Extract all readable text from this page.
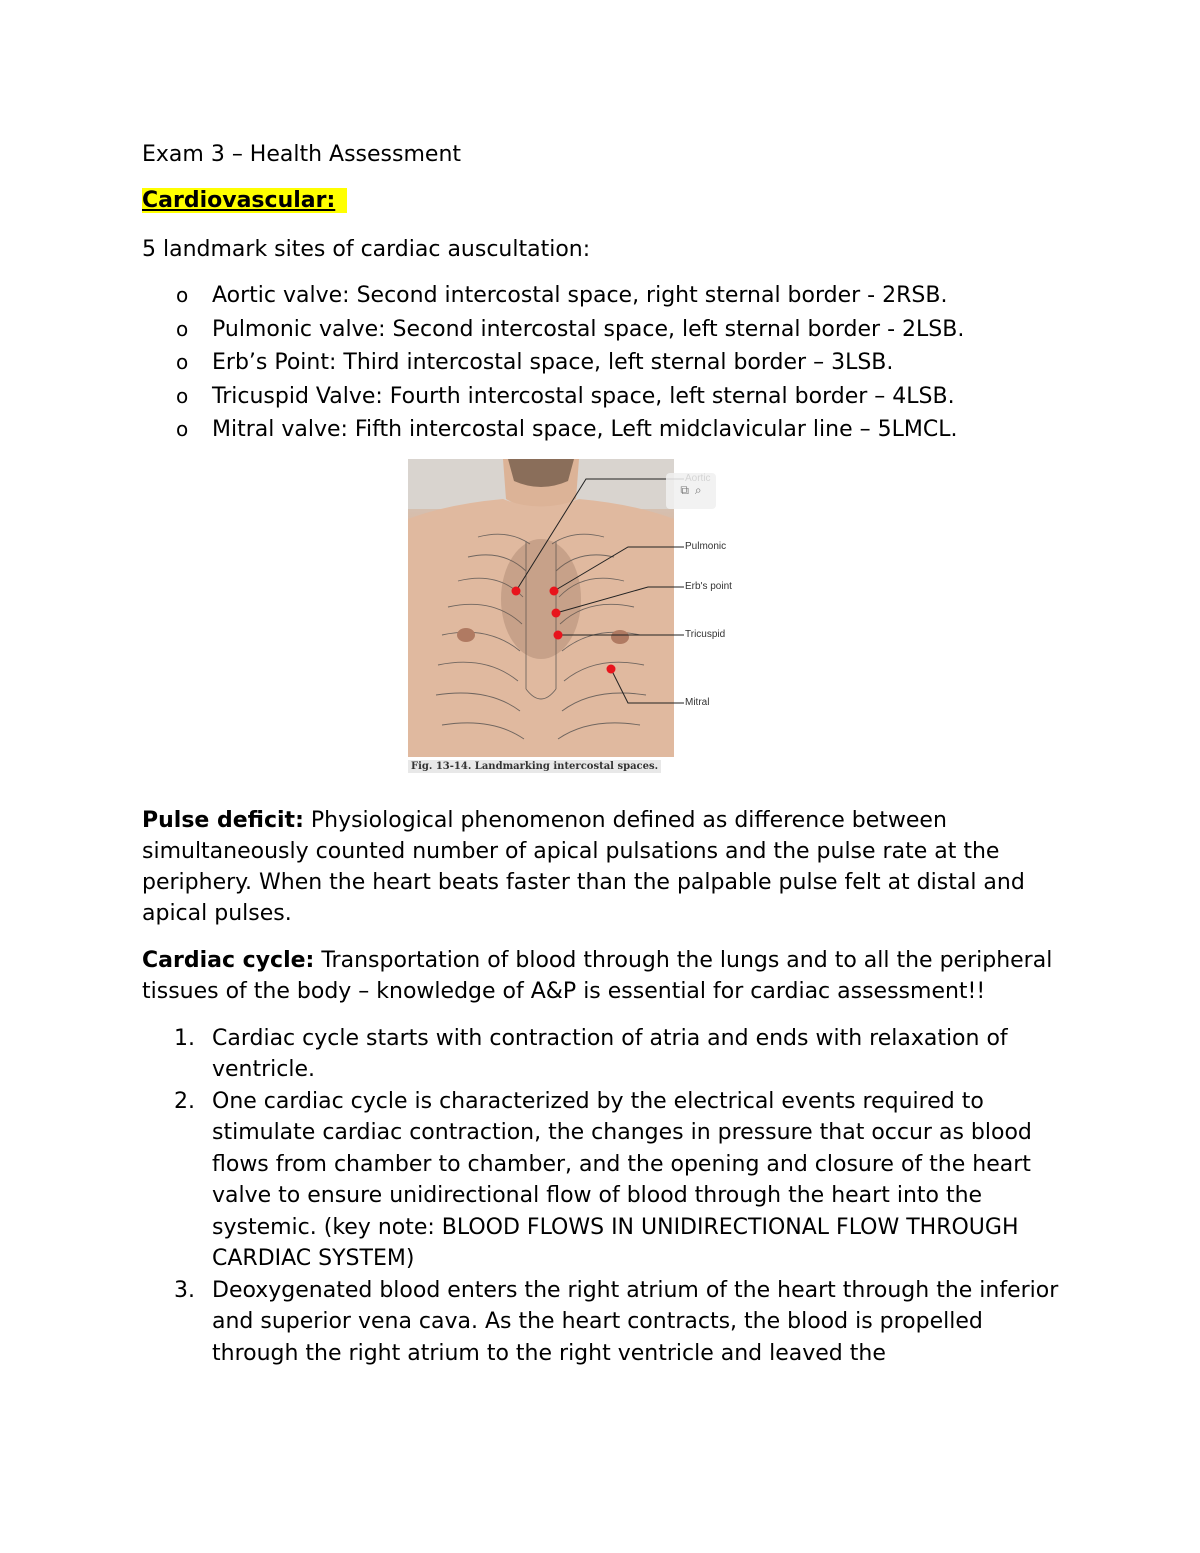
Exam 3 – Health Assessment
Cardiovascular:
5 landmark sites of cardiac auscultation:
o Aortic valve: Second intercostal space, right sternal border - 2RSB.
o Pulmonic valve: Second intercostal space, left sternal border - 2LSB.
o Erb’s Point: Third intercostal space, left sternal border – 3LSB.
o Tricuspid Valve: Fourth intercostal space, left sternal border – 4LSB.
o Mitral valve: Fifth intercostal space, Left midclavicular line – 5LMCL.
Pulmonic
Erb's point
Tricuspid
Mitral
⧉ ⌕
Fig. 13-14. Landmarking intercostal spaces.
Pulse deficit: Physiological phenomenon defined as difference between simultaneously counted number of apical pulsations and the pulse rate at the periphery. When the heart beats faster than the palpable pulse felt at distal and apical pulses.
Cardiac cycle: Transportation of blood through the lungs and to all the peripheral tissues of the body – knowledge of A&P is essential for cardiac assessment!!
1. Cardiac cycle starts with contraction of atria and ends with relaxation of ventricle.
2. One cardiac cycle is characterized by the electrical events required to stimulate cardiac contraction, the changes in pressure that occur as blood flows from chamber to chamber, and the opening and closure of the heart valve to ensure unidirectional flow of blood through the heart into the systemic. (key note: BLOOD FLOWS IN UNIDIRECTIONAL FLOW THROUGH CARDIAC SYSTEM)
3. Deoxygenated blood enters the right atrium of the heart through the inferior and superior vena cava. As the heart contracts, the blood is propelled through the right atrium to the right ventricle and leaved the
